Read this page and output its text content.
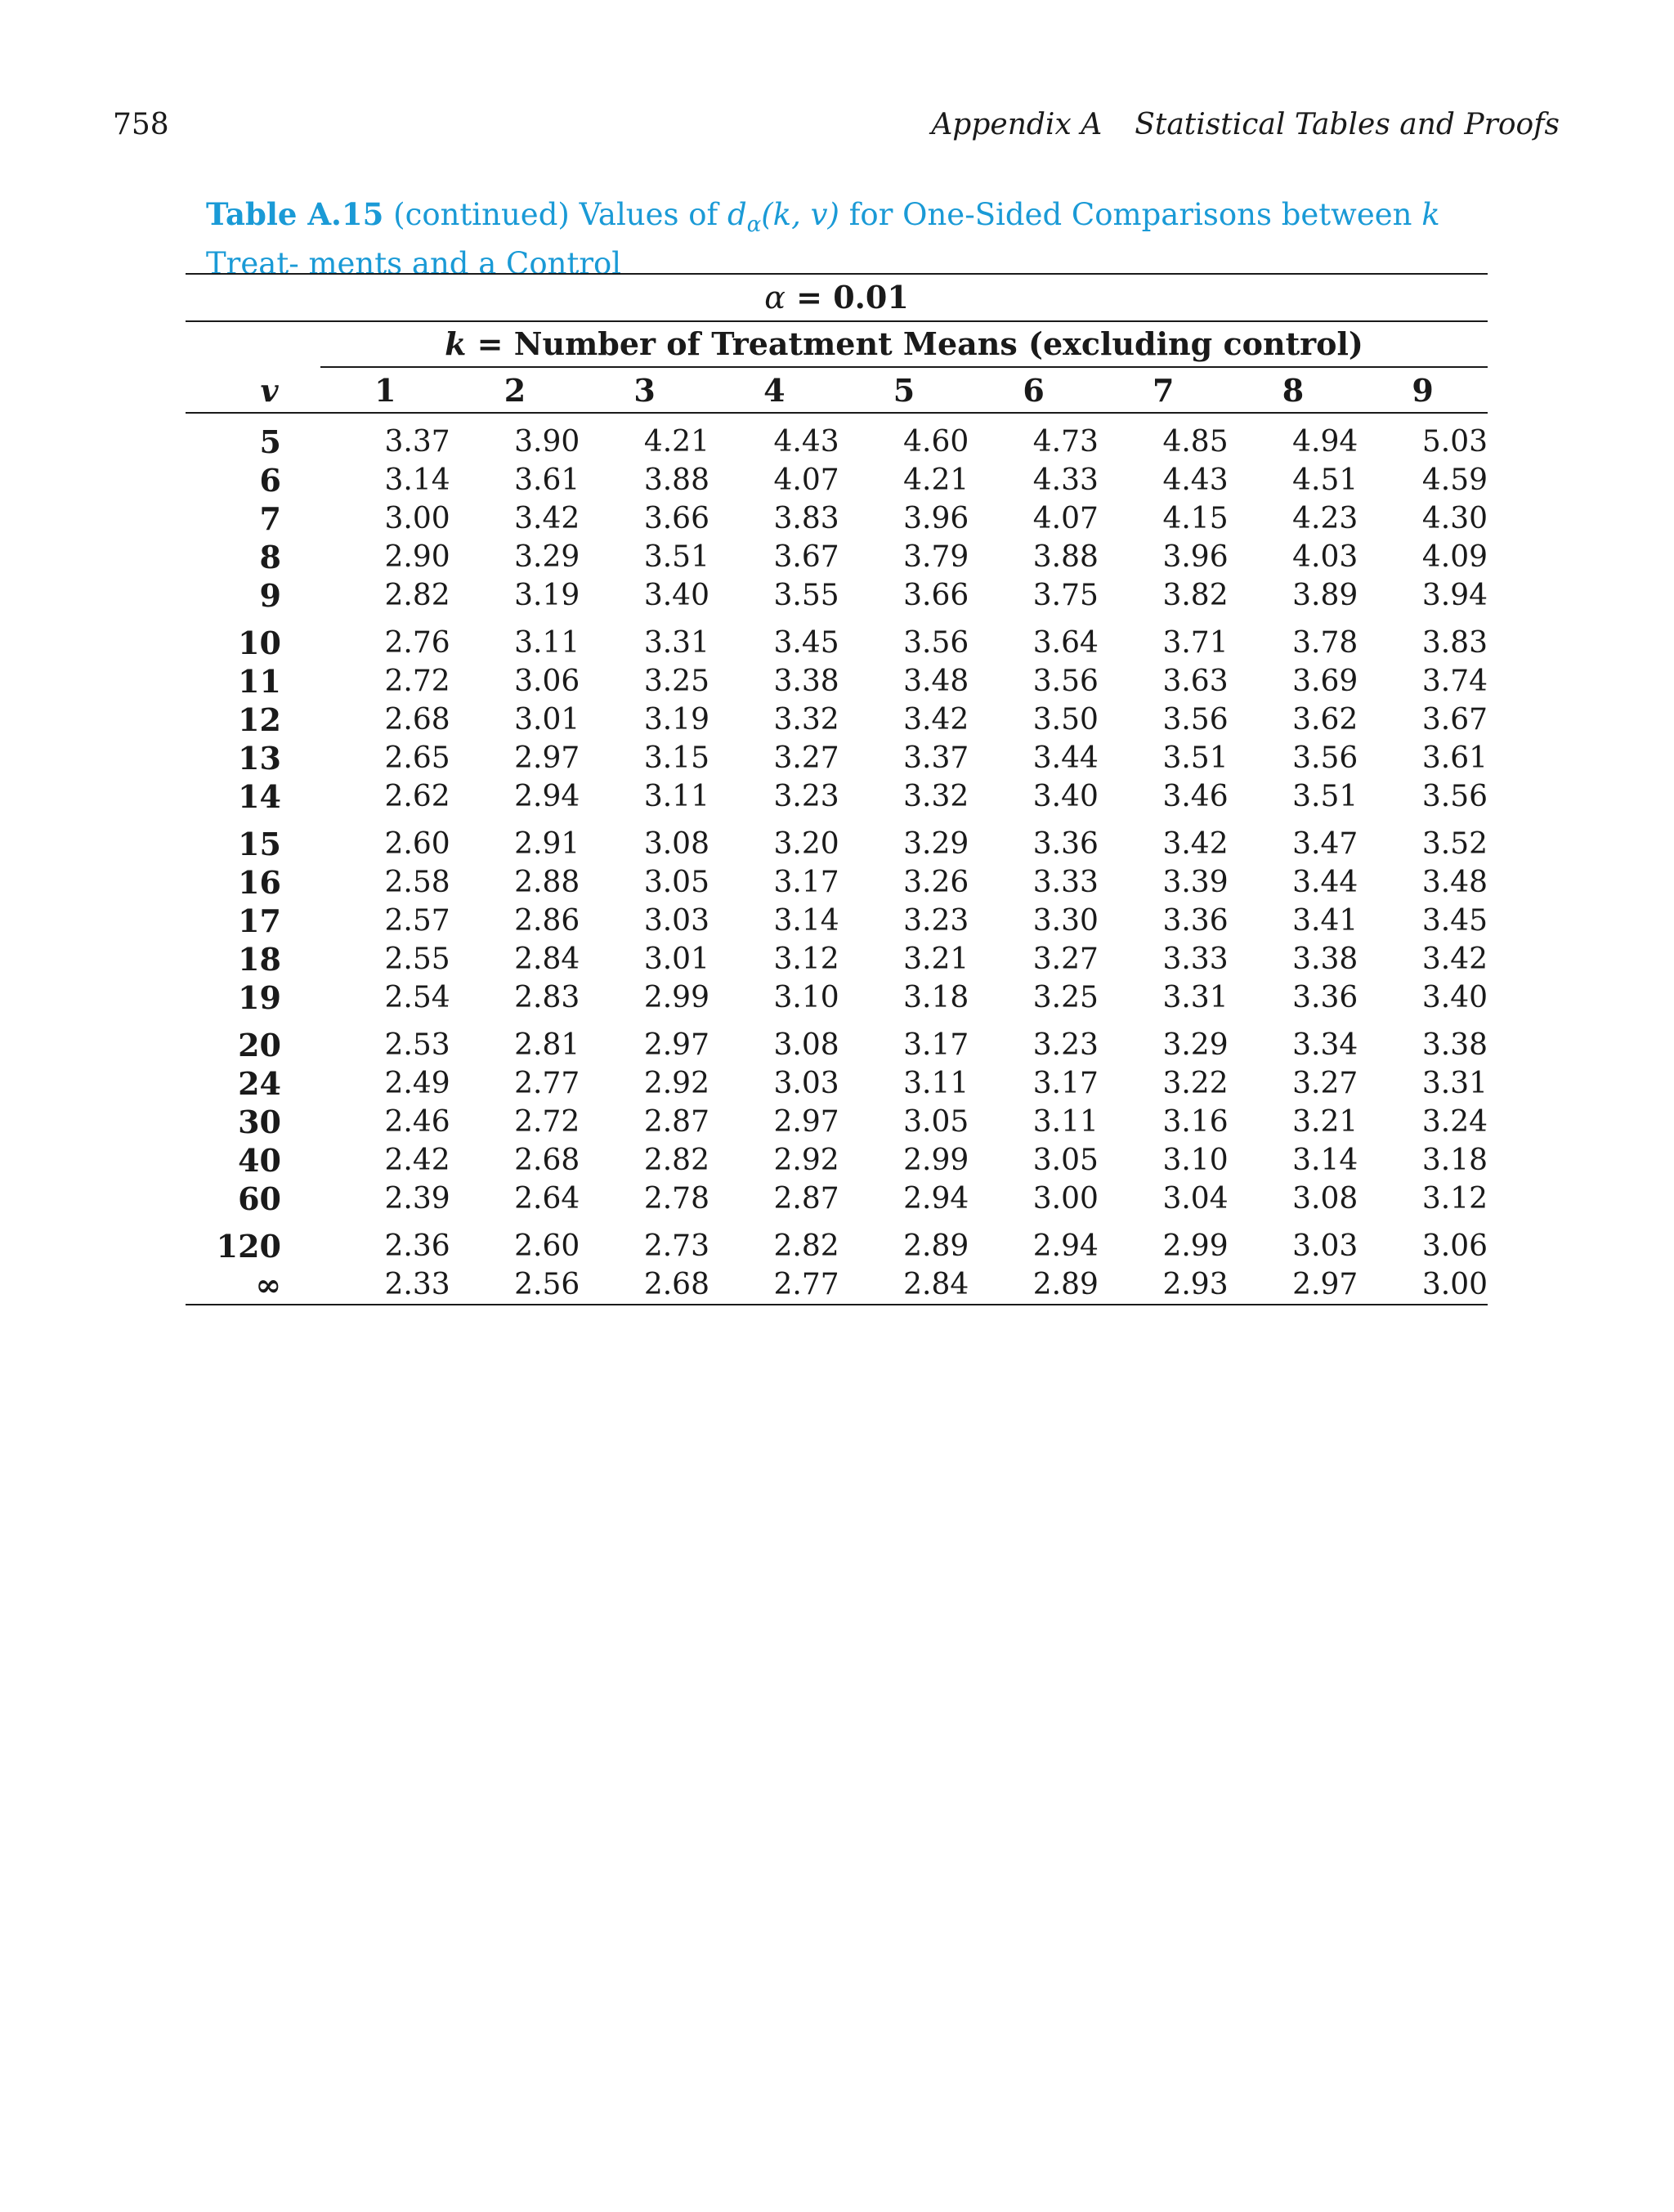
758	Appendix A Statistical Tables and Proofs
Table A.15 (continued) Values of $d_\alpha(k$, v) for One-Sided Comparisons between k Treat- ments and a Control
α = 0.01
k = Number of Treatment Means (excluding control)
v	1	2	3	4	5	6	7	8	9
5	3.37	3.90	4.21	4.43	4.60	4.73	4.85	4.94	5.03
6	3.14	3.61	3.88	4.07	4.21	4.33	4.43	4.51	4.59
7	3.00	3.42	3.66	3.83	3.96	4.07	4.15	4.23	4.30
8	2.90	3.29	3.51	3.67	3.79	3.88	3.96	4.03	4.09
9	2.82	3.19	3.40	3.55	3.66	3.75	3.82	3.89	3.94
10	2.76	3.11	3.31	3.45	3.56	3.64	3.71	3.78	3.83
11	2.72	3.06	3.25	3.38	3.48	3.56	3.63	3.69	3.74
12	2.68	3.01	3.19	3.32	3.42	3.50	3.56	3.62	3.67
13	2.65	2.97	3.15	3.27	3.37	3.44	3.51	3.56	3.61
14	2.62	2.94	3.11	3.23	3.32	3.40	3.46	3.51	3.56
15	2.60	2.91	3.08	3.20	3.29	3.36	3.42	3.47	3.52
16	2.58	2.88	3.05	3.17	3.26	3.33	3.39	3.44	3.48
17	2.57	2.86	3.03	3.14	3.23	3.30	3.36	3.41	3.45
18	2.55	2.84	3.01	3.12	3.21	3.27	3.33	3.38	3.42
19	2.54	2.83	2.99	3.10	3.18	3.25	3.31	3.36	3.40
20	2.53	2.81	2.97	3.08	3.17	3.23	3.29	3.34	3.38
24	2.49	2.77	2.92	3.03	3.11	3.17	3.22	3.27	3.31
30	2.46	2.72	2.87	2.97	3.05	3.11	3.16	3.21	3.24
40	2.42	2.68	2.82	2.92	2.99	3.05	3.10	3.14	3.18
60	2.39	2.64	2.78	2.87	2.94	3.00	3.04	3.08	3.12
120	2.36	2.60	2.73	2.82	2.89	2.94	2.99	3.03	3.06
∞	2.33	2.56	2.68	2.77	2.84	2.89	2.93	2.97	3.00
